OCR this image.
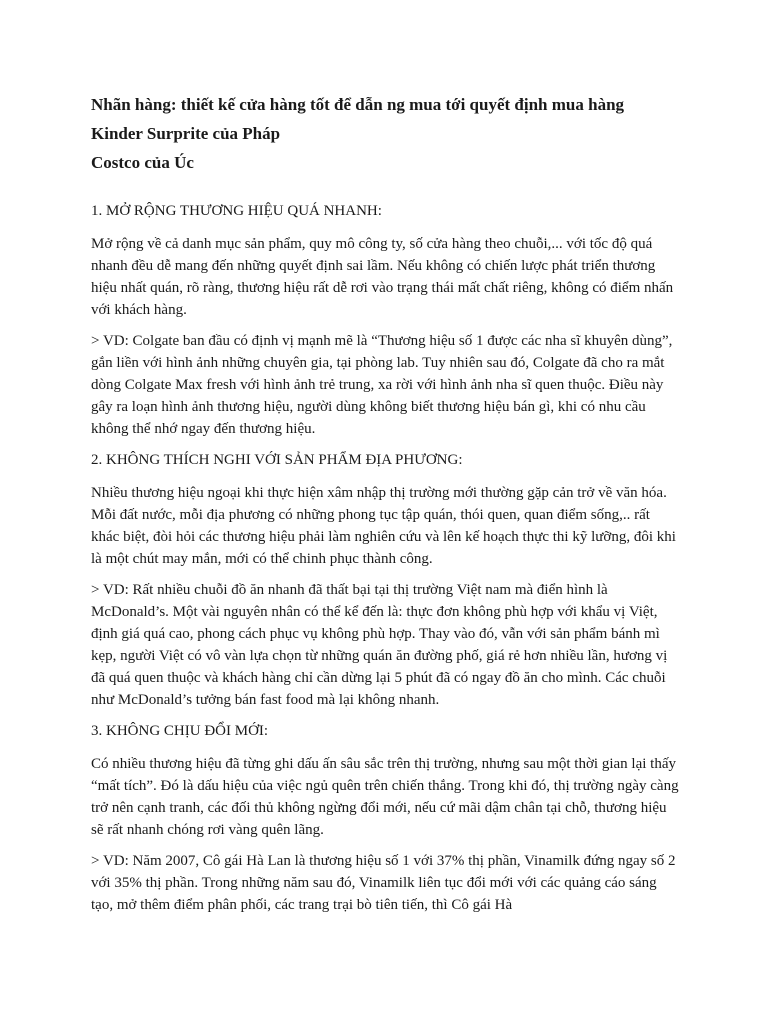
Nhãn hàng: thiết kế cửa hàng tốt để dẫn ng mua tới quyết định mua hàng
Kinder Surprite của Pháp
Costco của Úc
1. MỞ RỘNG THƯƠNG HIỆU QUÁ NHANH:

Mở rộng về cả danh mục sản phẩm, quy mô công ty, số cửa hàng theo chuỗi,... với tốc độ quá nhanh đều dễ mang đến những quyết định sai lầm. Nếu không có chiến lược phát triển thương hiệu nhất quán, rõ ràng, thương hiệu rất dễ rơi vào trạng thái mất chất riêng, không có điểm nhấn với khách hàng.

> VD: Colgate ban đầu có định vị mạnh mẽ là “Thương hiệu số 1 được các nha sĩ khuyên dùng”, gắn liền với hình ảnh những chuyên gia, tại phòng lab. Tuy nhiên sau đó, Colgate đã cho ra mắt dòng Colgate Max fresh với hình ảnh trẻ trung, xa rời với hình ảnh nha sĩ quen thuộc. Điều này gây ra loạn hình ảnh thương hiệu, người dùng không biết thương hiệu bán gì, khi có nhu cầu không thể nhớ ngay đến thương hiệu.

2. KHÔNG THÍCH NGHI VỚI SẢN PHẨM ĐỊA PHƯƠNG:

Nhiều thương hiệu ngoại khi thực hiện xâm nhập thị trường mới thường gặp cản trở về văn hóa. Mỗi đất nước, mỗi địa phương có những phong tục tập quán, thói quen, quan điểm sống,.. rất khác biệt, đòi hỏi các thương hiệu phải làm nghiên cứu và lên kế hoạch thực thi kỹ lưỡng, đôi khi là một chút may mắn, mới có thể chinh phục thành công.

> VD: Rất nhiều chuỗi đồ ăn nhanh đã thất bại tại thị trường Việt nam mà điển hình là McDonald’s. Một vài nguyên nhân có thể kể đến là: thực đơn không phù hợp với khẩu vị Việt, định giá quá cao, phong cách phục vụ không phù hợp. Thay vào đó, vẫn với sản phẩm bánh mì kẹp, người Việt có vô vàn lựa chọn từ những quán ăn đường phố, giá rẻ hơn nhiều lần, hương vị đã quá quen thuộc và khách hàng chỉ cần dừng lại 5 phút đã có ngay đồ ăn cho mình. Các chuỗi như McDonald’s tưởng bán fast food mà lại không nhanh.

3. KHÔNG CHỊU ĐỔI MỚI:

Có nhiều thương hiệu đã từng ghi dấu ấn sâu sắc trên thị trường, nhưng sau một thời gian lại thấy “mất tích”. Đó là dấu hiệu của việc ngủ quên trên chiến thắng. Trong khi đó, thị trường ngày càng trở nên cạnh tranh, các đối thủ không ngừng đổi mới, nếu cứ mãi dậm chân tại chỗ, thương hiệu sẽ rất nhanh chóng rơi vàng quên lãng.

> VD: Năm 2007, Cô gái Hà Lan là thương hiệu số 1 với 37% thị phần, Vinamilk đứng ngay số 2 với 35% thị phần. Trong những năm sau đó, Vinamilk liên tục đổi mới với các quảng cáo sáng tạo, mở thêm điểm phân phối, các trang trại bò tiên tiến, thì Cô gái Hà
